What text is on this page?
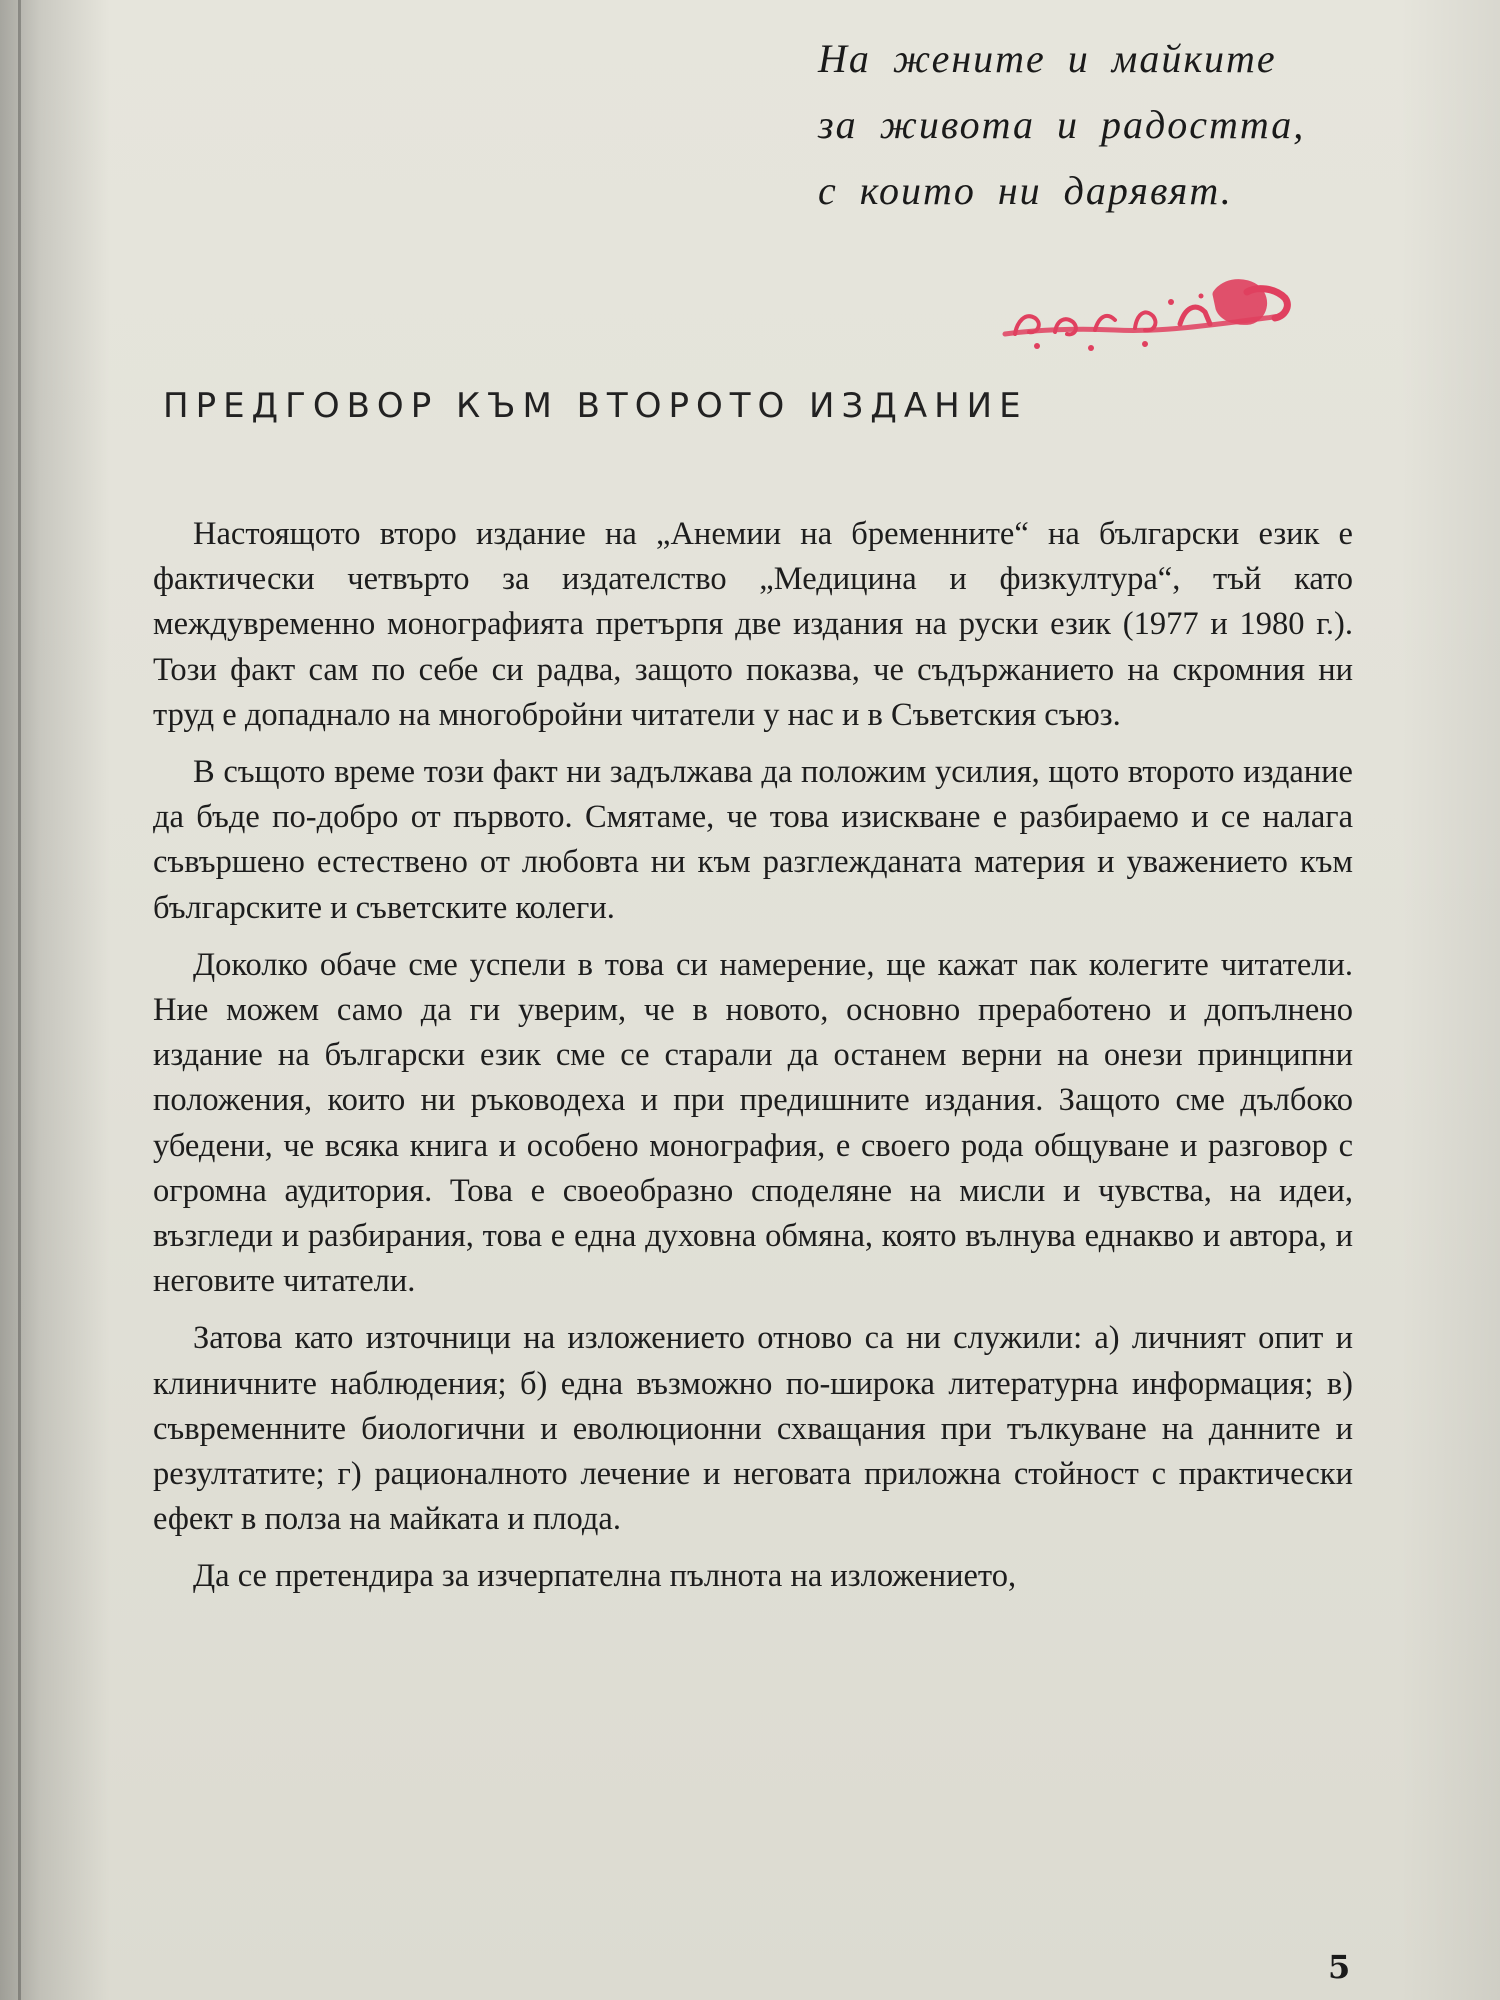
На жените и майките
за живота и радостта,
с които ни дарявят.
ПРЕДГОВОР КЪМ ВТОРОТО ИЗДАНИЕ

Настоящото второ издание на „Анемии на бременните“ на български език е фактически четвърто за издателство „Медицина и физкултура“, тъй като междувременно монографията претърпя две издания на руски език (1977 и 1980 г.). Този факт сам по себе си радва, защото показва, че съдържанието на скромния ни труд е допаднало на многобройни читатели у нас и в Съветския съюз.

В същото време този факт ни задължава да положим усилия, щото второто издание да бъде по-добро от първото. Смятаме, че това изискване е разбираемо и се налага съвършено естествено от любовта ни към разглежданата материя и уважението към българските и съветските колеги.

Доколко обаче сме успели в това си намерение, ще кажат пак колегите читатели. Ние можем само да ги уверим, че в новото, основно преработено и допълнено издание на български език сме се старали да останем верни на онези принципни положения, които ни ръководеха и при предишните издания. Защото сме дълбоко убедени, че всяка книга и особено монография, е своего рода общуване и разговор с огромна аудитория. Това е своеобразно споделяне на мисли и чувства, на идеи, възгледи и разбирания, това е една духовна обмяна, която вълнува еднакво и автора, и неговите читатели.

Затова като източници на изложението отново са ни служили: а) личният опит и клиничните наблюдения; б) една възможно по-широка литературна информация; в) съвременните биологични и еволюционни схващания при тълкуване на данните и резултатите; г) рационалното лечение и неговата приложна стойност с практически ефект в полза на майката и плода.

Да се претендира за изчерпателна пълнота на изложението,

5
